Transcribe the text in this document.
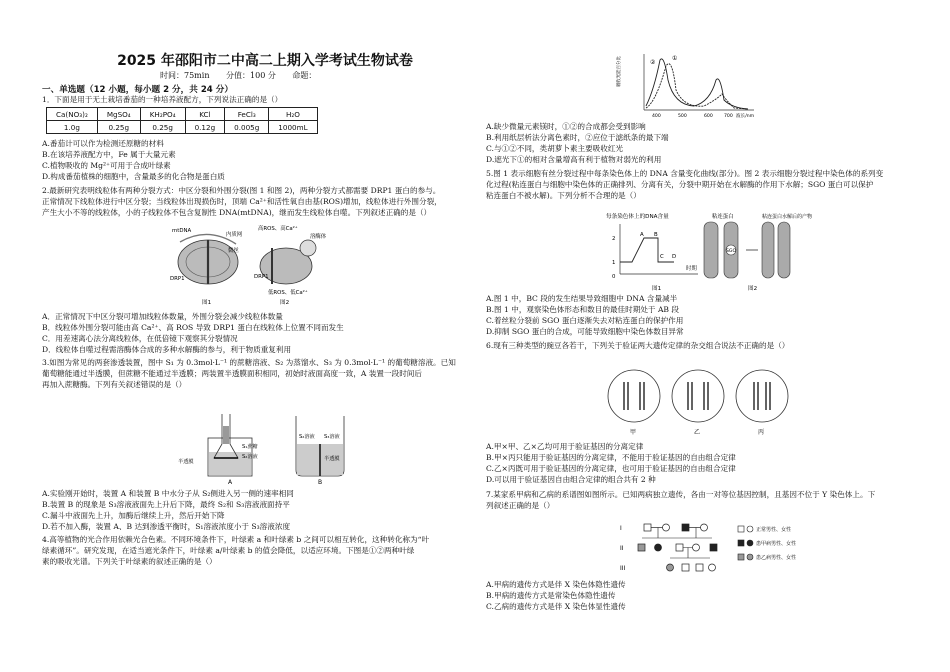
2025 年邵阳市二中高二上期入学考试生物试卷
时间：75min 分值：100 分 命题：
一、单选题（12 小题，每小题 2 分，共 24 分）

1．下面是用于无土栽培番茄的一种培养液配方，下列说法正确的是（）

Ca(NO₃)₂	MgSO₄	KH₂PO₄	KCl	FeCl₃	H₂O
1.0g	0.25g	0.25g	0.12g	0.005g	1000mL

A.番茄计可以作为检测还原糖的材料

B.在该培养液配方中，Fe 属于大量元素

C.植物吸收的 Mg²⁺可用于合成叶绿素

D.构成番茄植株的细胞中，含量最多的化合物是蛋白质

2.最新研究表明线粒体有两种分裂方式：中区分裂和外围分裂(图 1 和图 2)，两种分裂方式都需要 DRP1 蛋白的参与。

正常情况下线粒体进行中区分裂；当线粒体出现损伤时，顶端 Ca²⁺和活性氧自由基(ROS)增加，线粒体进行外围分裂，

产生大小不等的线粒体，小的子线粒体不包含复制性 DNA(mtDNA)，继而发生线粒体自噬。下列叙述正确的是（）

A．正常情况下中区分裂可增加线粒体数量，外围分裂会减少线粒体数量

B．线粒体外围分裂可能由高 Ca²⁺、高 ROS 导致 DRP1 蛋白在线粒体上位置不同而发生

C．用差速离心法分离线粒体，在低倍镜下观察其分裂情况

D．线粒体自噬过程需溶酶体合成的多种水解酶的参与，利于物质重复利用

3.如图为常见的两套渗透装置，图中 S₁ 为 0.3mol·L⁻¹ 的蔗糖溶液、S₂ 为蒸馏水、S₃ 为 0.3mol·L⁻¹ 的葡萄糖溶液。已知

葡萄糖能通过半透膜，但蔗糖不能通过半透膜；两装置半透膜面积相同，初始时液面高度一致，A 装置一段时间后

再加入蔗糖酶。下列有关叙述错误的是（）

A.实验刚开始时，装置 A 和装置 B 中水分子从 S₂侧进入另一侧的速率相同

B.装置 B 的现象是 S₃溶液液面先上升后下降，最终 S₂和 S₃溶液液面持平

C.漏斗中液面先上升，加酶后继续上升，然后开始下降

D.若不加入酶，装置 A、B 达到渗透平衡时，S₁溶液浓度小于 S₃溶液浓度

4.高等植物的光合作用依赖光合色素。不同环境条件下，叶绿素 a 和叶绿素 b 之间可以相互转化，这种转化称为“叶

绿素循环”。研究发现，在适当遮光条件下，叶绿素 a/叶绿素 b 的值会降低，以适应环境。下图是①②两种叶绿

素的吸收光谱。下列关于叶绿素的叙述正确的是（）

mtDNA
内质网
高ROS、高Ca²⁺
溶酶体
微丝
DRP1	DRP1
低ROS、低Ca²⁺
图1	图2
S₁蔗糖
S₂溶液
S₂溶液 S₃溶液
半透膜	半透膜
A	B
吸收光能百分比	②
①
400	500	600 700 波长/nm

A.缺少微量元素镁时，①②的合成都会受到影响

B.利用纸层析法分离色素时，②应位于滤纸条的最下端

C.与①②不同，类胡萝卜素主要吸收红光

D.遮光下①的相对含量增高有利于植物对弱光的利用

5.图 1 表示细胞有丝分裂过程中每条染色体上的 DNA 含量变化曲线(部分)。图 2 表示细胞分裂过程中染色体的系列变

化过程(粘连蛋白与细胞中染色体的正确排列、分离有关，分裂中期开始在水解酶的作用下水解；SGO 蛋白可以保护

粘连蛋白不被水解)。下列分析不合理的是（）

A.图 1 中，BC 段的发生结果导致细胞中 DNA 含量减半

B.图 1 中，观察染色体形态和数目的最佳时期处于 AB 段

C.着丝粒分裂前 SGO 蛋白逐渐失去对粘连蛋白的保护作用

D.抑制 SGO 蛋白的合成，可能导致细胞中染色体数目异常

6.现有三种类型的豌豆各若干，下列关于验证两大遗传定律的杂交组合说法不正确的是（）

A.甲×甲、乙×乙均可用于验证基因的分离定律

B.甲×丙只能用于验证基因的分离定律，不能用于验证基因的自由组合定律

C.乙×丙既可用于验证基因的分离定律，也可用于验证基因的自由组合定律

D.可以用于验证基因自由组合定律的组合共有 2 种

7.某家系甲病和乙病的系谱图如图所示。已知两病独立遗传，各由一对等位基因控制，且基因不位于 Y 染色体上。下

列叙述正确的是（）

A.甲病的遗传方式是伴 X 染色体隐性遗传

B.甲病的遗传方式是常染色体隐性遗传

C.乙病的遗传方式是伴 X 染色体显性遗传

每条染色体上的DNA含量
2
1
0
A B
C D
时期
图1
粘连蛋白
SGO
粘连蛋白水解后的产物
图2
甲	乙	丙
I
II
III
正常男性、女性
患甲病男性、女性
患乙病男性、女性
